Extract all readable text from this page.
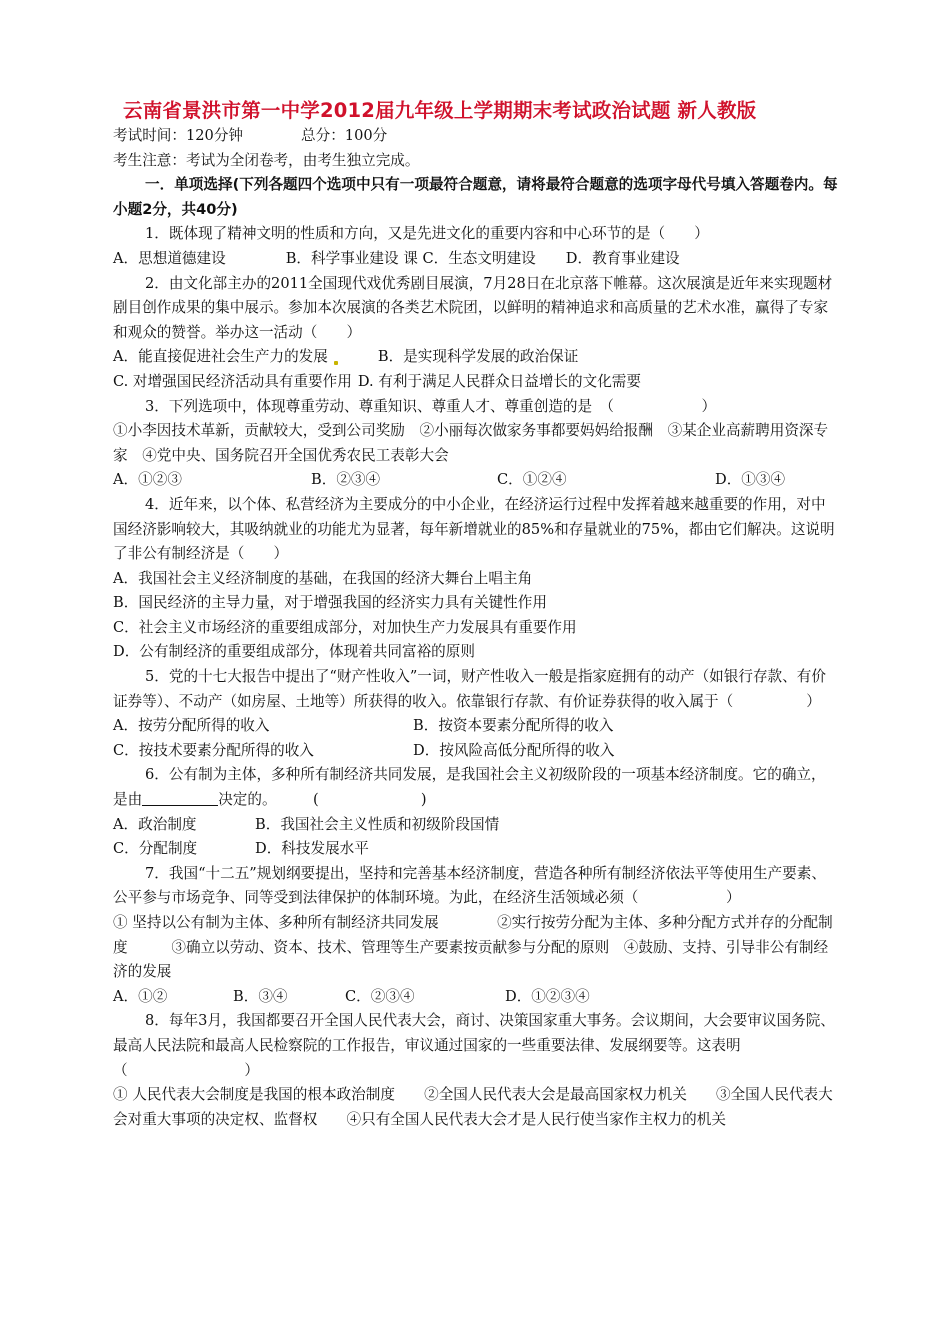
云南省景洪市第一中学2012届九年级上学期期末考试政治试题 新人教版
考试时间：120分钟	总分：100分
考生注意：考试为全闭卷考，由考生独立完成。
一．单项选择(下列各题四个选项中只有一项最符合题意，请将最符合题意的选项字母代号填入答题卷内。每小题2分，共40分)
1．既体现了精神文明的性质和方向，又是先进文化的重要内容和中心环节的是（　　）
A．思想道德建设	B．科学事业建设 课 C．生态文明建设 D．教育事业建设
2．由文化部主办的2011全国现代戏优秀剧目展演，7月28日在北京落下帷幕。这次展演是近年来实现题材剧目创作成果的集中展示。参加本次展演的各类艺术院团，以鲜明的精神追求和高质量的艺术水准，赢得了专家和观众的赞誉。举办这一活动（　　）
A．能直接促进社会生产力的发展	B．是实现科学发展的政治保证
C. 对增强国民经济活动具有重要作用 D. 有利于满足人民群众日益增长的文化需要
3．下列选项中，体现尊重劳动、尊重知识、尊重人才、尊重创造的是　（　　　　　　）
①小李因技术革新，贡献较大，受到公司奖励　②小丽每次做家务事都要妈妈给报酬　③某企业高薪聘用资深专家　④党中央、国务院召开全国优秀农民工表彰大会
A．①②③	B．②③④	C．①②④	D．①③④
4．近年来，以个体、私营经济为主要成分的中小企业，在经济运行过程中发挥着越来越重要的作用，对中国经济影响较大，其吸纳就业的功能尤为显著，每年新增就业的85%和存量就业的75%，都由它们解决。这说明了非公有制经济是（　　）
A．我国社会主义经济制度的基础，在我国的经济大舞台上唱主角
B．国民经济的主导力量，对于增强我国的经济实力具有关键性作用
C．社会主义市场经济的重要组成部分，对加快生产力发展具有重要作用
D．公有制经济的重要组成部分，体现着共同富裕的原则
5．党的十七大报告中提出了“财产性收入”一词，财产性收入一般是指家庭拥有的动产（如银行存款、有价证券等）、不动产（如房屋、土地等）所获得的收入。依靠银行存款、有价证券获得的收入属于（　　　　　）
A．按劳分配所得的收入	B．按资本要素分配所得的收入
C．按技术要素分配所得的收入	D．按风险高低分配所得的收入
6．公有制为主体，多种所有制经济共同发展，是我国社会主义初级阶段的一项基本经济制度。它的确立，是由	决定的。　　　(　　　　　　　)
A．政治制度	B．我国社会主义性质和初级阶段国情
C．分配制度	D．科技发展水平
7．我国“十二五”规划纲要提出，坚持和完善基本经济制度，营造各种所有制经济依法平等使用生产要素、公平参与市场竞争、同等受到法律保护的体制环境。为此，在经济生活领域必须（　　　　　　）
① 坚持以公有制为主体、多种所有制经济共同发展　　　　②实行按劳分配为主体、多种分配方式并存的分配制度　　　③确立以劳动、资本、技术、管理等生产要素按贡献参与分配的原则　④鼓励、支持、引导非公有制经济的发展
A．①②	B．③④	C．②③④	D．①②③④
8．每年3月，我国都要召开全国人民代表大会，商讨、决策国家重大事务。会议期间，大会要审议国务院、最高人民法院和最高人民检察院的工作报告，审议通过国家的一些重要法律、发展纲要等。这表明　（　　　　　　　　）
① 人民代表大会制度是我国的根本政治制度　　②全国人民代表大会是最高国家权力机关　　③全国人民代表大会对重大事项的决定权、监督权　　④只有全国人民代表大会才是人民行使当家作主权力的机关
